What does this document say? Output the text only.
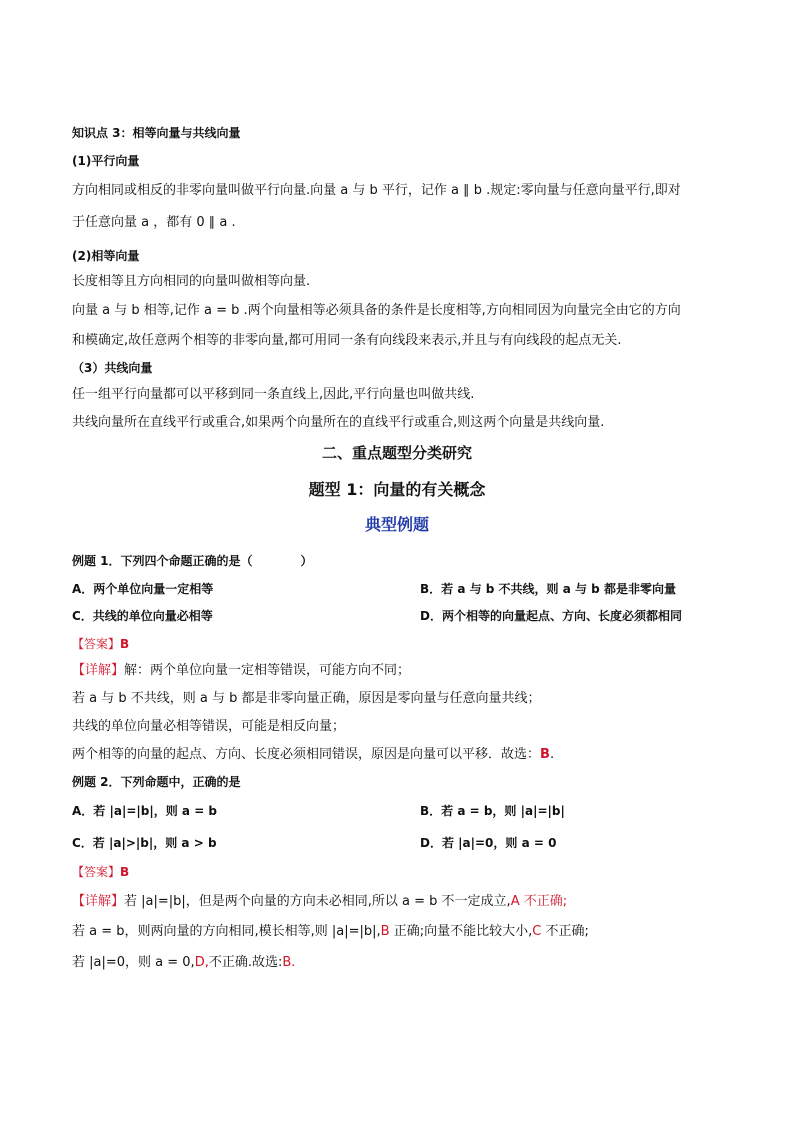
知识点 3：相等向量与共线向量
(1)平行向量
方向相同或相反的非零向量叫做平行向量.向量 a 与 b 平行，记作 a ∥ b .规定:零向量与任意向量平行,即对
于任意向量 a ，都有 0 ∥ a .
(2)相等向量
长度相等且方向相同的向量叫做相等向量.
向量 a 与 b 相等,记作 a = b .两个向量相等必须具备的条件是长度相等,方向相同因为向量完全由它的方向
和模确定,故任意两个相等的非零向量,都可用同一条有向线段来表示,并且与有向线段的起点无关.
（3）共线向量
任一组平行向量都可以平移到同一条直线上,因此,平行向量也叫做共线.
共线向量所在直线平行或重合,如果两个向量所在的直线平行或重合,则这两个向量是共线向量.
二、重点题型分类研究
题型 1：向量的有关概念
典型例题
例题 1．下列四个命题正确的是（　　　　）
A．两个单位向量一定相等	B．若 a 与 b 不共线，则 a 与 b 都是非零向量
C．共线的单位向量必相等	D．两个相等的向量起点、方向、长度必须都相同
【答案】B
【详解】解：两个单位向量一定相等错误，可能方向不同；
若 a 与 b 不共线，则 a 与 b 都是非零向量正确，原因是零向量与任意向量共线；
共线的单位向量必相等错误，可能是相反向量；
两个相等的向量的起点、方向、长度必须相同错误，原因是向量可以平移．故选：B.
例题 2．下列命题中，正确的是
A．若 |a|=|b|，则 a = b	B．若 a = b，则 |a|=|b|
C．若 |a|>|b|，则 a > b	D．若 |a|=0，则 a = 0
【答案】B
【详解】若 |a|=|b|，但是两个向量的方向未必相同,所以 a = b 不一定成立,A 不正确;
若 a = b，则两向量的方向相同,模长相等,则 |a|=|b|,B 正确;向量不能比较大小,C 不正确;
若 |a|=0，则 a = 0,D,不正确.故选:B.
